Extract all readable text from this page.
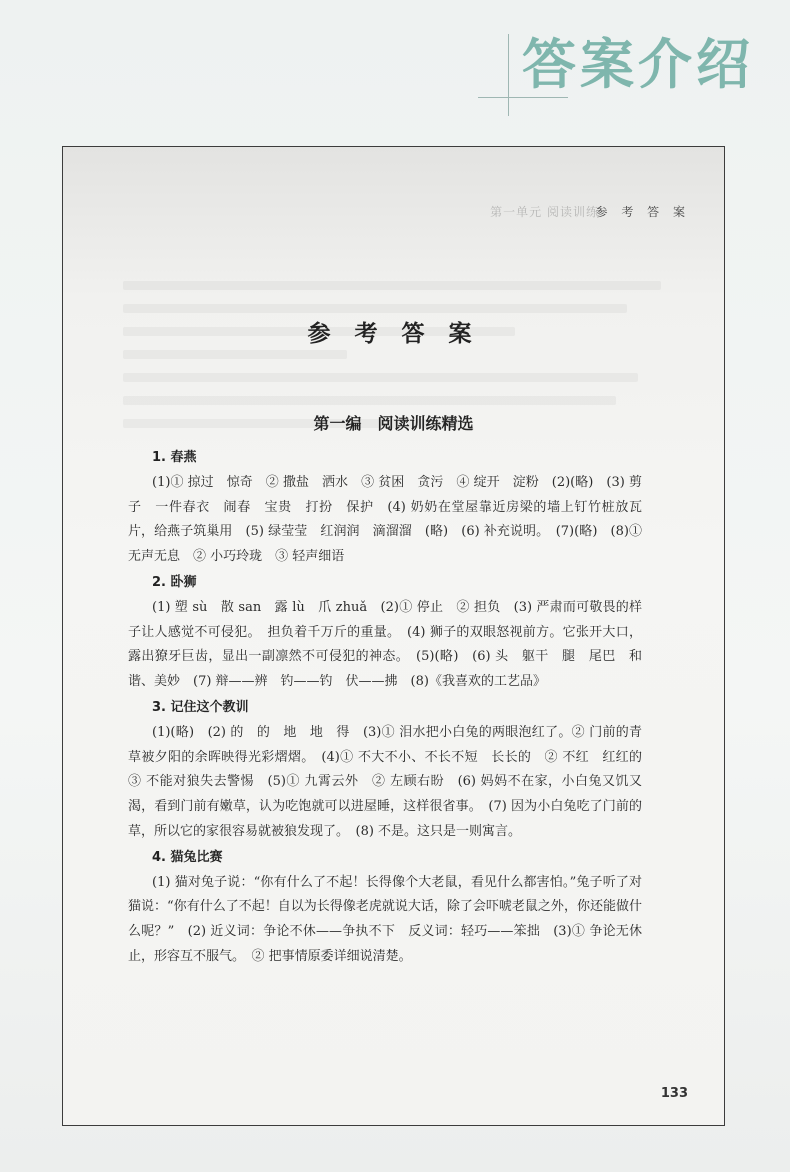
答案介绍
第一单元 阅读训练
参 考 答 案
参 考 答 案
第一编　阅读训练精选
1. 春燕

(1)① 掠过　惊奇　② 撒盐　洒水　③ 贫困　贪污　④ 绽开　淀粉　(2)(略)　(3) 剪子　一件春衣　闹春　宝贵　打扮　保护　(4) 奶奶在堂屋靠近房梁的墙上钉竹桩放瓦片，给燕子筑巢用　(5) 绿莹莹　红润润　滴溜溜　(略)　(6) 补充说明。　(7)(略)　(8)① 无声无息　② 小巧玲珑　③ 轻声细语

2. 卧狮

(1) 塑 sù　散 san　露 lù　爪 zhuǎ　(2)① 停止　② 担负　(3) 严肃而可敬畏的样子让人感觉不可侵犯。　担负着千万斤的重量。　(4) 狮子的双眼怒视前方。它张开大口，露出獠牙巨齿，显出一副凛然不可侵犯的神态。　(5)(略)　(6) 头　躯干　腿　尾巴　和谐、美妙　(7) 辩——辨　钓——钓　伏——拂　(8)《我喜欢的工艺品》

3. 记住这个教训

(1)(略)　(2) 的　的　地　地　得　(3)① 泪水把小白兔的两眼泡红了。② 门前的青草被夕阳的余晖映得光彩熠熠。　(4)① 不大不小、不长不短　长长的　② 不红　红红的　③ 不能对狼失去警惕　(5)① 九霄云外　② 左顾右盼　(6) 妈妈不在家，小白兔又饥又渴，看到门前有嫩草，认为吃饱就可以进屋睡，这样很省事。　(7) 因为小白兔吃了门前的草，所以它的家很容易就被狼发现了。　(8) 不是。这只是一则寓言。

4. 猫兔比赛

(1) 猫对兔子说：“你有什么了不起！长得像个大老鼠，看见什么都害怕。”兔子听了对猫说：“你有什么了不起！自以为长得像老虎就说大话，除了会吓唬老鼠之外，你还能做什么呢？”　(2) 近义词：争论不休——争执不下　反义词：轻巧——笨拙　(3)① 争论无休止，形容互不服气。　② 把事情原委详细说清楚。

133
